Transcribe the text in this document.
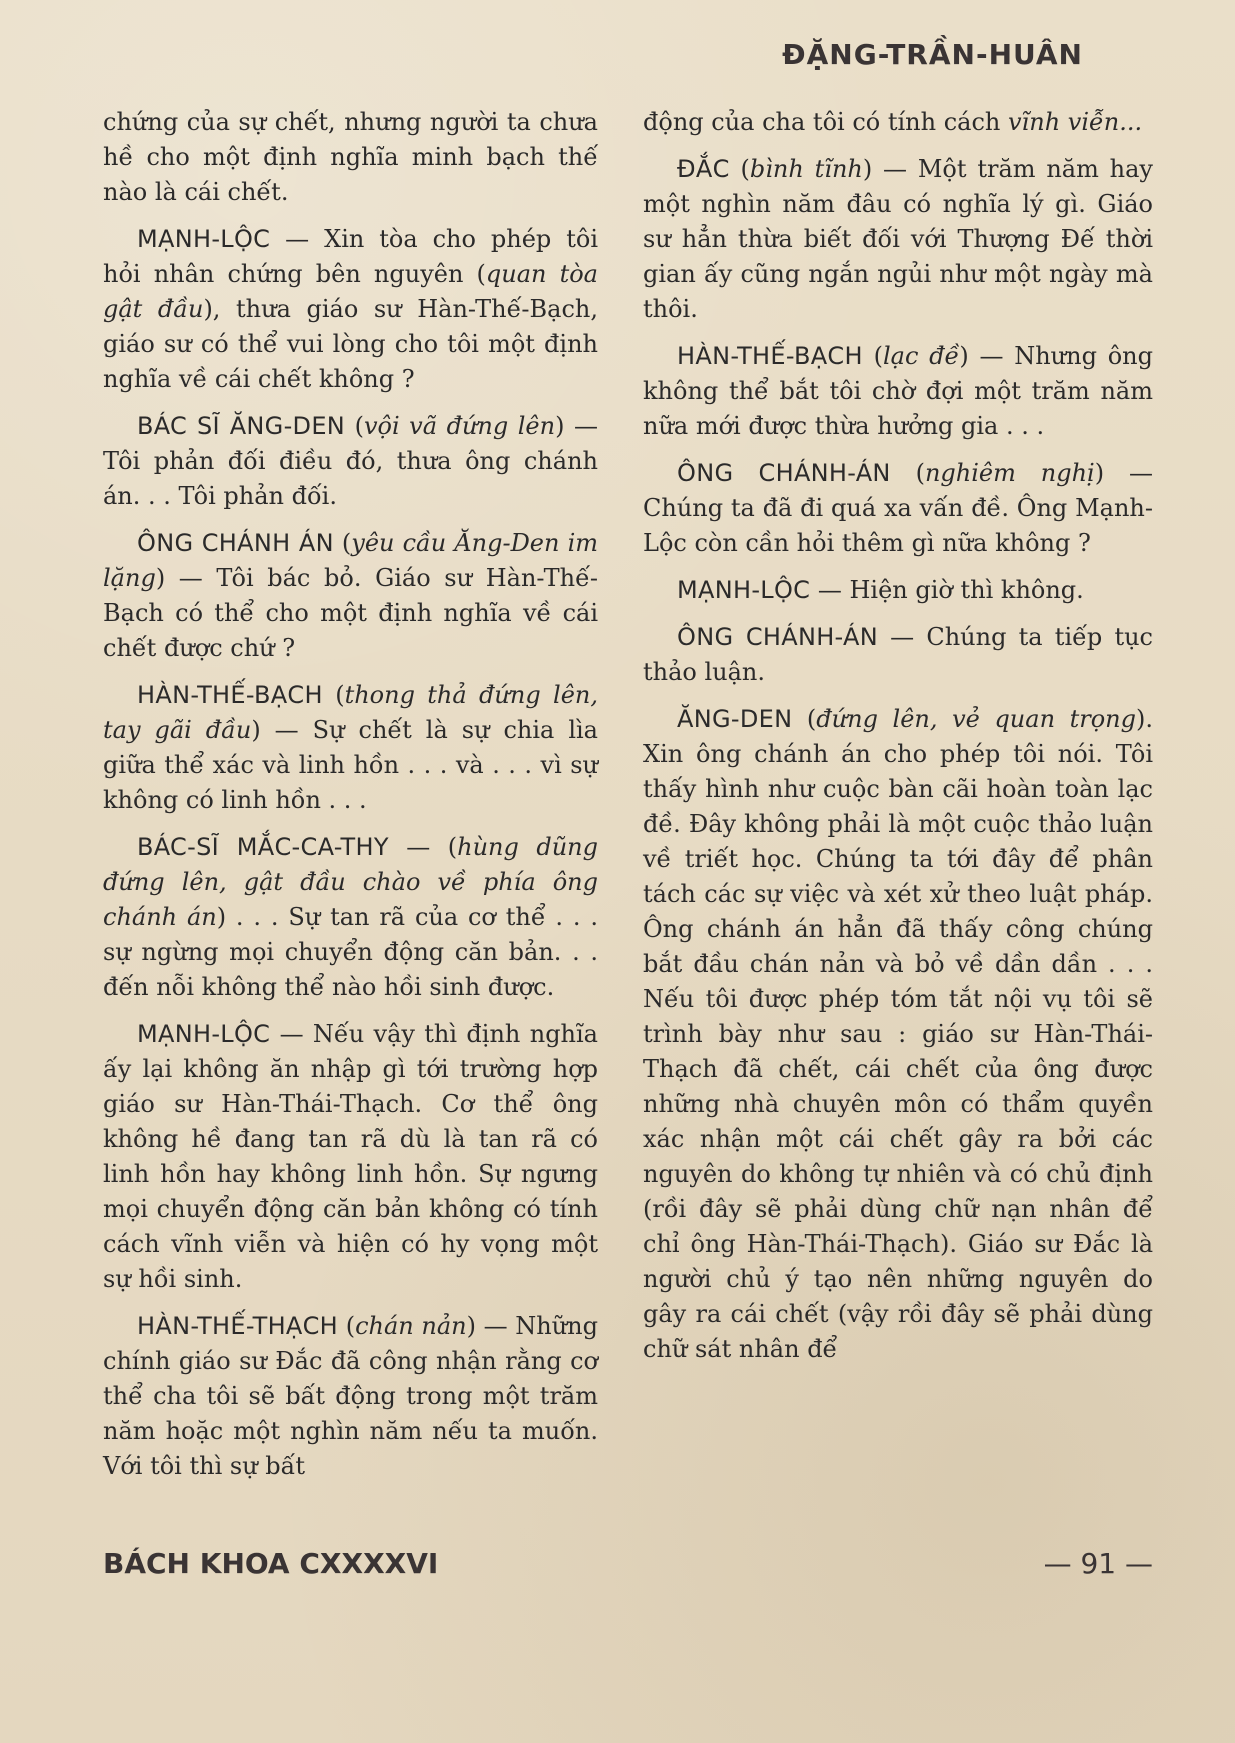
ĐẶNG-TRẦN-HUÂN

chứng của sự chết, nhưng người ta chưa hề cho một định nghĩa minh bạch thế nào là cái chết.

MẠNH-LỘC — Xin tòa cho phép tôi hỏi nhân chứng bên nguyên (quan tòa gật đầu), thưa giáo sư Hàn-Thế-Bạch, giáo sư có thể vui lòng cho tôi một định nghĩa về cái chết không ?

BÁC SĨ ĂNG-DEN (vội vã đứng lên) — Tôi phản đối điều đó, thưa ông chánh án. . . Tôi phản đối.

ÔNG CHÁNH ÁN (yêu cầu Ăng-Den im lặng) — Tôi bác bỏ. Giáo sư Hàn-Thế-Bạch có thể cho một định nghĩa về cái chết được chứ ?

HÀN-THẾ-BẠCH (thong thả đứng lên, tay gãi đầu) — Sự chết là sự chia lìa giữa thể xác và linh hồn . . . và . . . vì sự không có linh hồn . . .

BÁC-SĨ MẮC-CA-THY — (hùng dũng đứng lên, gật đầu chào về phía ông chánh án) . . . Sự tan rã của cơ thể . . . sự ngừng mọi chuyển động căn bản. . . đến nỗi không thể nào hồi sinh được.

MẠNH-LỘC — Nếu vậy thì định nghĩa ấy lại không ăn nhập gì tới trường hợp giáo sư Hàn-Thái-Thạch. Cơ thể ông không hề đang tan rã dù là tan rã có linh hồn hay không linh hồn. Sự ngưng mọi chuyển động căn bản không có tính cách vĩnh viễn và hiện có hy vọng một sự hồi sinh.

HÀN-THẾ-THẠCH (chán nản) — Những chính giáo sư Đắc đã công nhận rằng cơ thể cha tôi sẽ bất động trong một trăm năm hoặc một nghìn năm nếu ta muốn. Với tôi thì sự bất

động của cha tôi có tính cách vĩnh viễn...

ĐẮC (bình tĩnh) — Một trăm năm hay một nghìn năm đâu có nghĩa lý gì. Giáo sư hẳn thừa biết đối với Thượng Đế thời gian ấy cũng ngắn ngủi như một ngày mà thôi.

HÀN-THẾ-BẠCH (lạc đề) — Nhưng ông không thể bắt tôi chờ đợi một trăm năm nữa mới được thừa hưởng gia . . .

ÔNG CHÁNH-ÁN (nghiêm nghị) — Chúng ta đã đi quá xa vấn đề. Ông Mạnh-Lộc còn cần hỏi thêm gì nữa không ?

MẠNH-LỘC — Hiện giờ thì không.

ÔNG CHÁNH-ÁN — Chúng ta tiếp tục thảo luận.

ĂNG-DEN (đứng lên, vẻ quan trọng). Xin ông chánh án cho phép tôi nói. Tôi thấy hình như cuộc bàn cãi hoàn toàn lạc đề. Đây không phải là một cuộc thảo luận về triết học. Chúng ta tới đây để phân tách các sự việc và xét xử theo luật pháp. Ông chánh án hẳn đã thấy công chúng bắt đầu chán nản và bỏ về dần dần . . . Nếu tôi được phép tóm tắt nội vụ tôi sẽ trình bày như sau : giáo sư Hàn-Thái-Thạch đã chết, cái chết của ông được những nhà chuyên môn có thẩm quyền xác nhận một cái chết gây ra bởi các nguyên do không tự nhiên và có chủ định (rồi đây sẽ phải dùng chữ nạn nhân để chỉ ông Hàn-Thái-Thạch). Giáo sư Đắc là người chủ ý tạo nên những nguyên do gây ra cái chết (vậy rồi đây sẽ phải dùng chữ sát nhân để

BÁCH KHOA CXXXXVI	— 91 —
